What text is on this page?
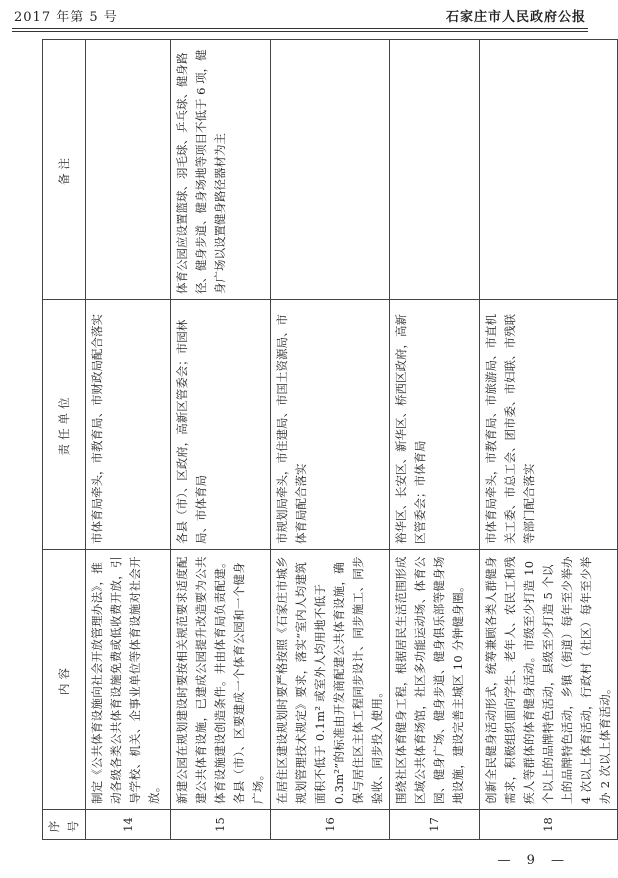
2017 年第 5 号	石家庄市人民政府公报
序号	内容	责任单位	备注
14	制定《公共体育设施向社会开放管理办法》，推动各级各类公共体育设施免费或低收费开放，引导学校、机关、企事业单位等体育设施对社会开放。	市体育局牵头，市教育局、市财政局配合落实	
15	新建公园在规划建设时要按相关规范要求适度配建公共体育设施，已建成公园提升改造要为公共体育设施建设创造条件。井由体育局负责配建。各县（市）、区要建成一个体育公园和一个健身广场。	各县（市）、区政府，高新区管委会；市园林局、市体育局	体育公园应设置篮球、羽毛球、乒乓球、健身路径、健身步道、健身场地等项目不低于 6 项，健身广场以设置健身路径器材为主
16	在居住区建设规划时要严格按照《石家庄市城乡规划管理技术规定》要求，落实“室内人均建筑面积不低于 0.1m² 或室外人均用地不低于 0.3m²”的标准由开发商配建公共体育设施，确保与居住区主体工程同步设计、同步施工、同步验收、同步投入使用。	市规划局牵头，市住建局、市国土资源局、市体育局配合落实	
17	围绕社区体育健身工程，根据居民生活范围形成区域公共体育场馆，社区多功能运动场、体育公园、健身广场、健身步道、健身俱乐部等健身场地设施，建设完善主城区 10 分钟健身圈。	裕华区、长安区、新华区、桥西区政府，高新区管委会；市体育局	
18	创新全民健身活动形式，统筹兼顾各类人群健身需求，积极组织面向学生、老年人、农民工和残疾人等群体的体育健身活动。市级至少打造 10 个以上的品牌特色活动，县级至少打造 5 个以上的品牌特色活动，乡镇（街道）每年至少举办 4 次以上体育活动，行政村（社区）每年至少举办 2 次以上体育活动。	市体育局牵头，市教育局、市旅游局、市直机关工委、市总工会、团市委、市妇联、市残联等部门配合落实	
— 9 —
